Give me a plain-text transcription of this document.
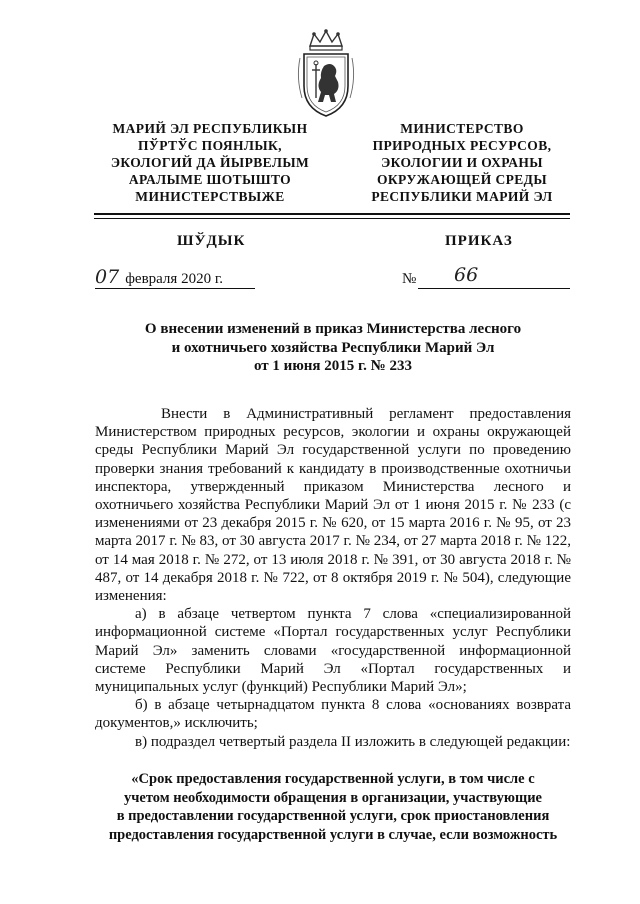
МАРИЙ ЭЛ РЕСПУБЛИКЫН
ПЎРТЎС ПОЯНЛЫК,
ЭКОЛОГИЙ ДА ЙЫРВЕЛЫМ
АРАЛЫМЕ ШОТЫШТО
МИНИСТЕРСТВЫЖЕ
МИНИСТЕРСТВО
ПРИРОДНЫХ РЕСУРСОВ,
ЭКОЛОГИИ И ОХРАНЫ
ОКРУЖАЮЩЕЙ СРЕДЫ
РЕСПУБЛИКИ МАРИЙ ЭЛ
ШЎДЫК	ПРИКАЗ
07 февраля 2020 г.	№ 66
О внесении изменений в приказ Министерства лесного
и охотничьего хозяйства Республики Марий Эл
от 1 июня 2015 г. № 233

Внести в Административный регламент предоставления Министерством природных ресурсов, экологии и охраны окружающей среды Республики Марий Эл государственной услуги по проведению проверки знания требований к кандидату в производственные охотничьи инспектора, утвержденный приказом Министерства лесного и охотничьего хозяйства Республики Марий Эл от 1 июня 2015 г. № 233 (с изменениями от 23 декабря 2015 г. № 620, от 15 марта 2016 г. № 95, от 23 марта 2017 г. № 83, от 30 августа 2017 г. № 234, от 27 марта 2018 г. № 122, от 14 мая 2018 г. № 272, от 13 июля 2018 г. № 391, от 30 августа 2018 г. № 487, от 14 декабря 2018 г. № 722, от 8 октября 2019 г. № 504), следующие изменения:

а) в абзаце четвертом пункта 7 слова «специализированной информационной системе «Портал государственных услуг Республики Марий Эл» заменить словами «государственной информационной системе Республики Марий Эл «Портал государственных и муниципальных услуг (функций) Республики Марий Эл»;

б) в абзаце четырнадцатом пункта 8 слова «основаниях возврата документов,» исключить;

в) подраздел четвертый раздела II изложить в следующей редакции:

«Срок предоставления государственной услуги, в том числе с
учетом необходимости обращения в организации, участвующие
в предоставлении государственной услуги, срок приостановления
предоставления государственной услуги в случае, если возможность
